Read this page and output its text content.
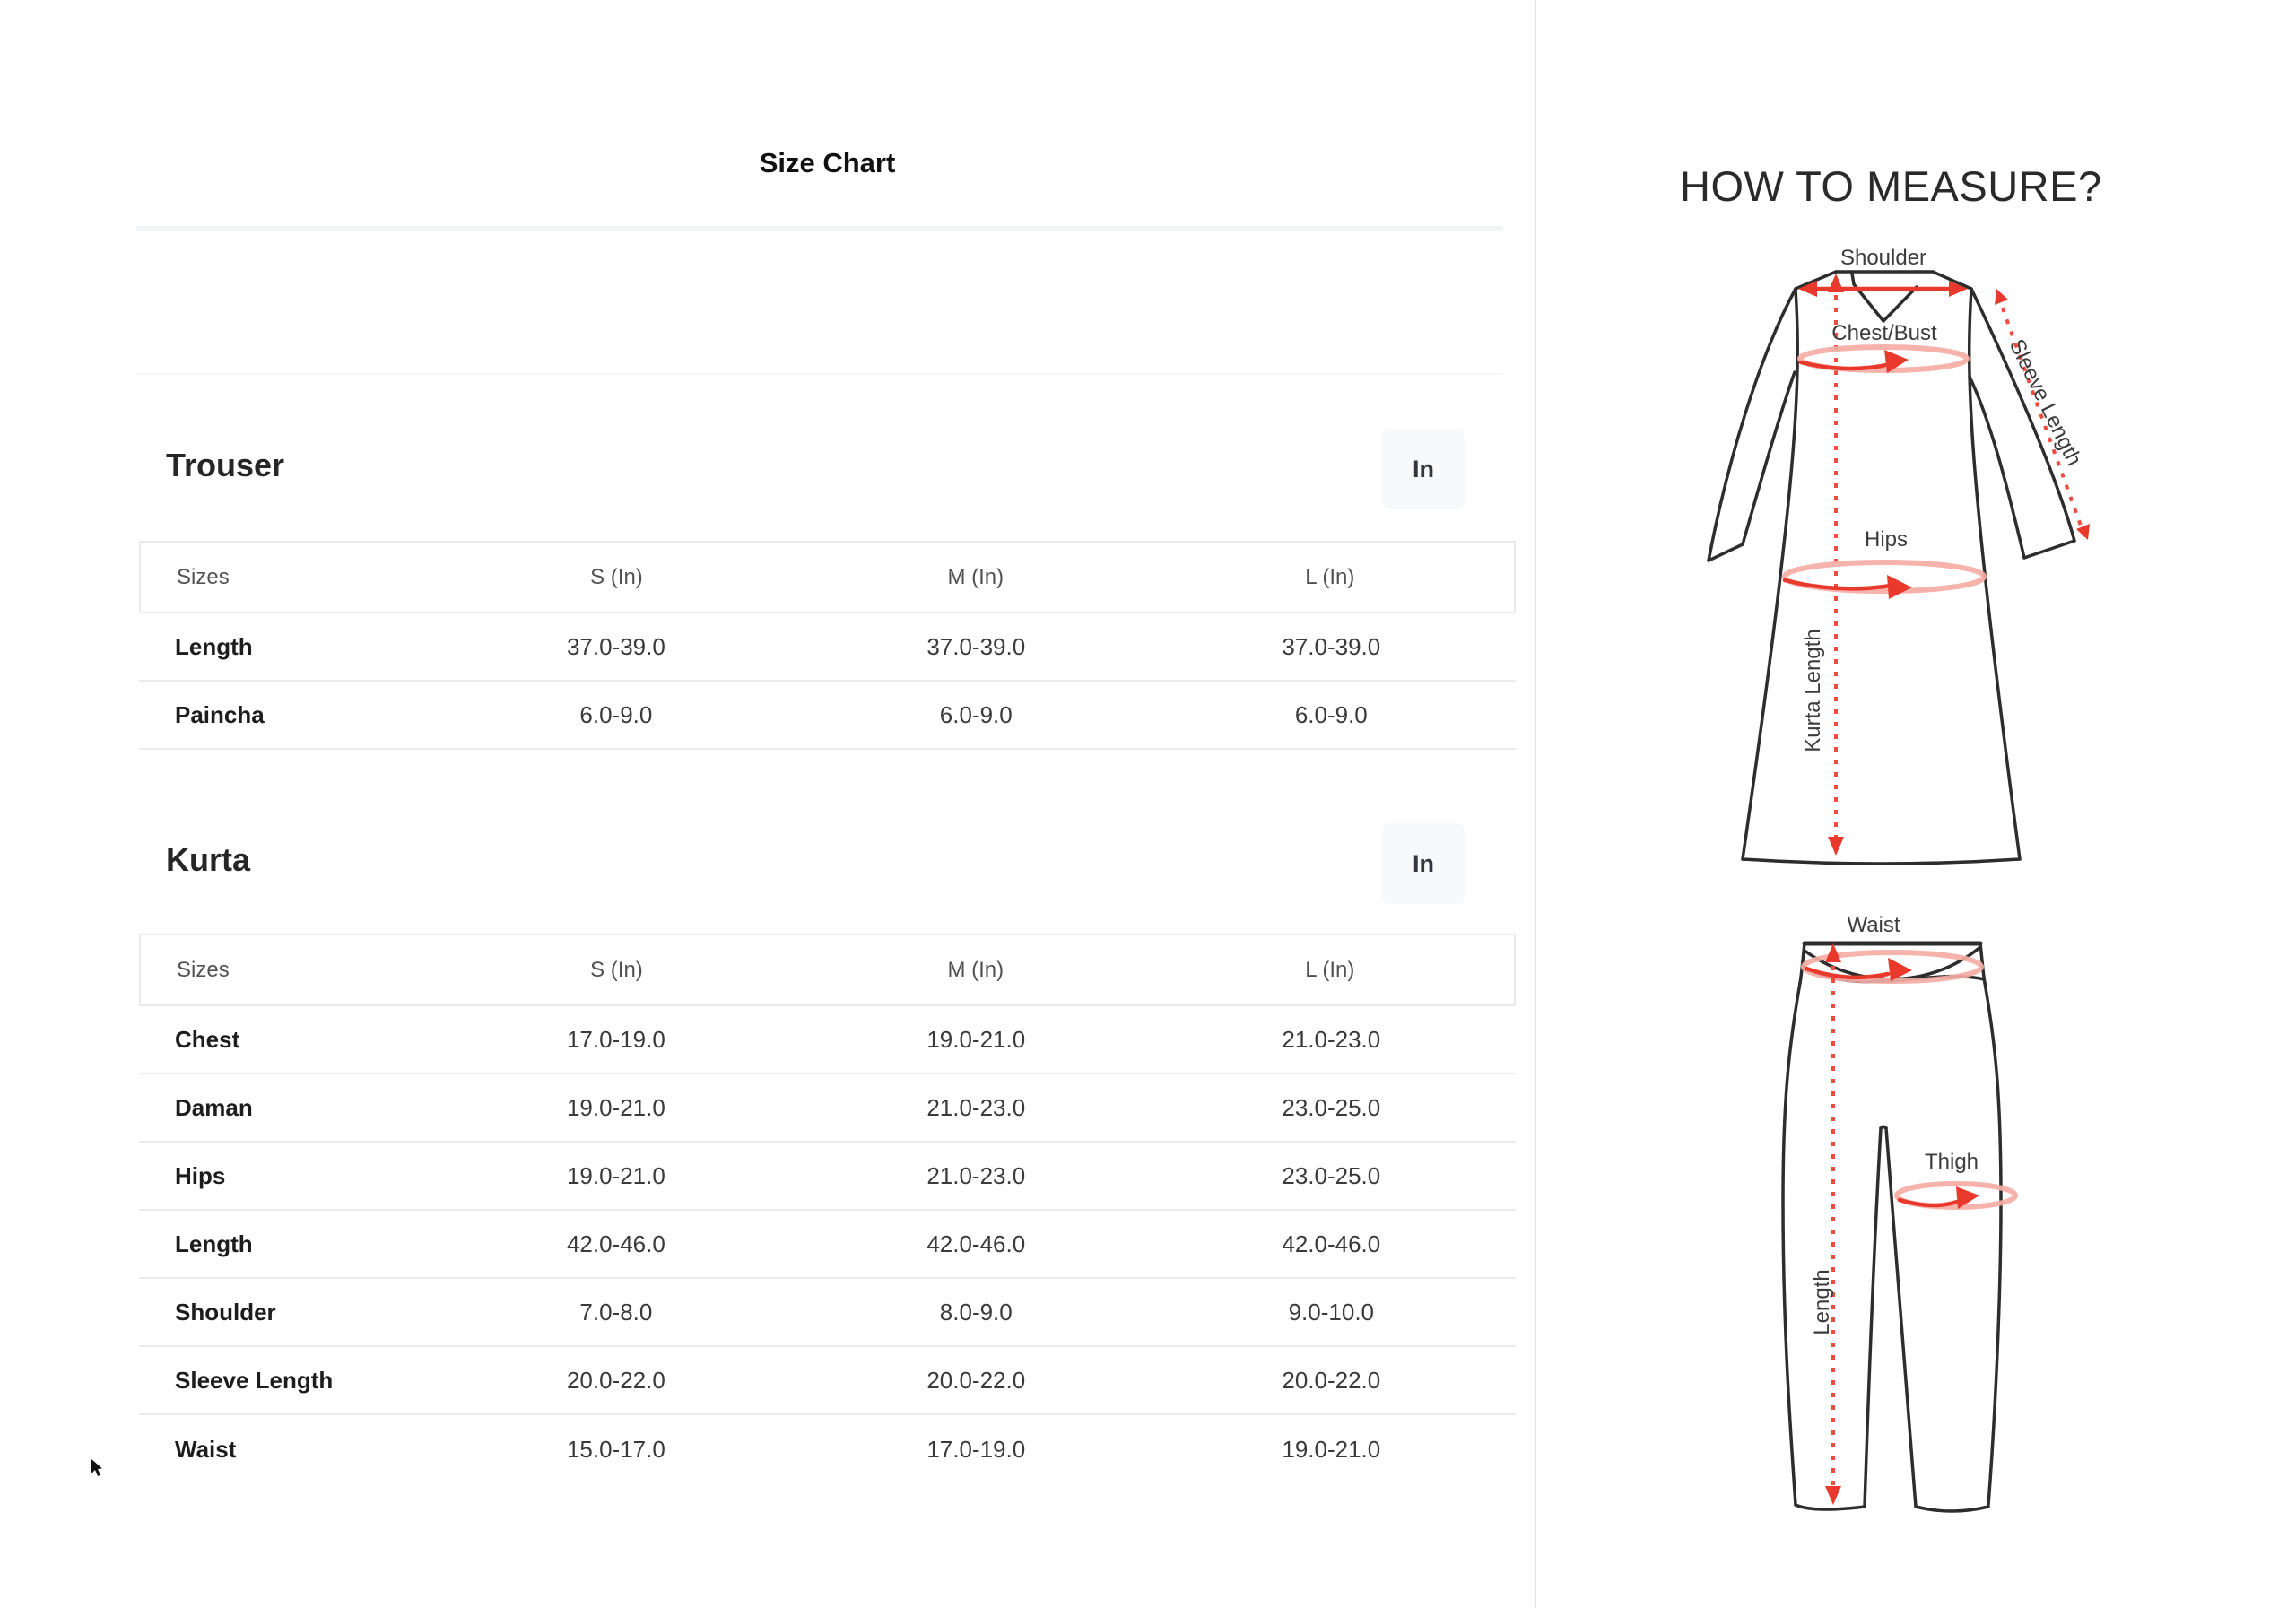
Size Chart
Trouser	In
Sizes	S (In)	M (In)	L (In)
Length	37.0-39.0	37.0-39.0	37.0-39.0
Paincha	6.0-9.0	6.0-9.0	6.0-9.0
Kurta	In
Sizes	S (In)	M (In)	L (In)
Chest	17.0-19.0	19.0-21.0	21.0-23.0
Daman	19.0-21.0	21.0-23.0	23.0-25.0
Hips	19.0-21.0	21.0-23.0	23.0-25.0
Length	42.0-46.0	42.0-46.0	42.0-46.0
Shoulder	7.0-8.0	8.0-9.0	9.0-10.0
Sleeve Length	20.0-22.0	20.0-22.0	20.0-22.0
Waist	15.0-17.0	17.0-19.0	19.0-21.0
HOW TO MEASURE?
Shoulder
Chest/Bust
Sleeve Length
Hips
Kurta Length
Waist
Thigh
Length
